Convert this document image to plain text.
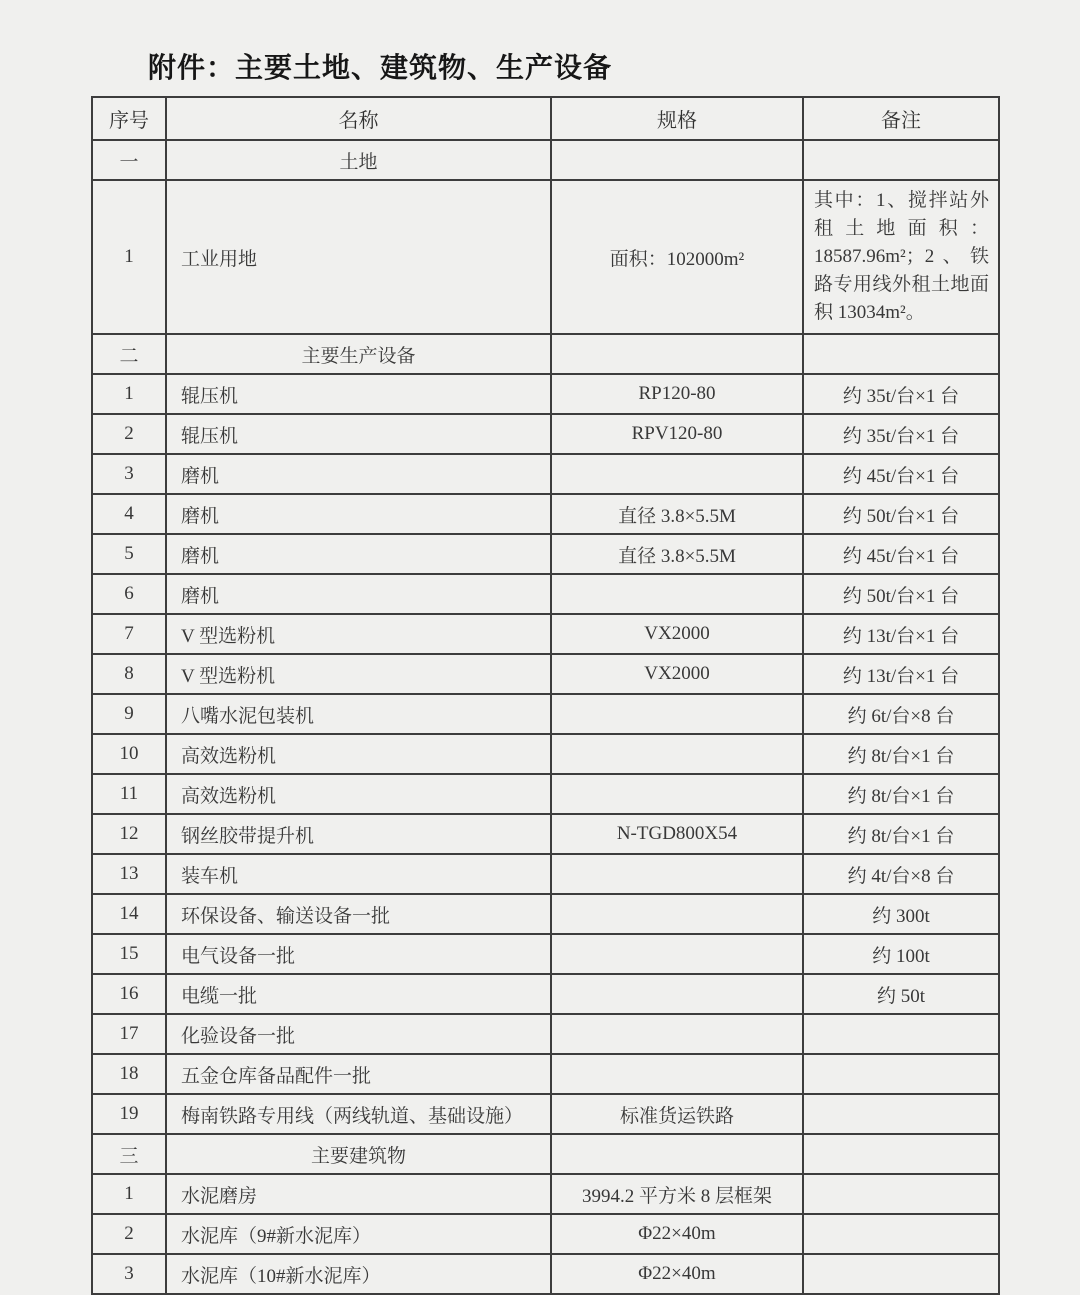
附件：主要土地、建筑物、生产设备
序号	名称	规格	备注
一	土地		
1	工业用地	面积：102000m²	其中：1、搅拌站外租土地面积：18587.96m²；2、铁路专用线外租土地面积 13034m²。
二	主要生产设备		
1	辊压机	RP120-80	约 35t/台×1 台
2	辊压机	RPV120-80	约 35t/台×1 台
3	磨机		约 45t/台×1 台
4	磨机	直径 3.8×5.5M	约 50t/台×1 台
5	磨机	直径 3.8×5.5M	约 45t/台×1 台
6	磨机		约 50t/台×1 台
7	V 型选粉机	VX2000	约 13t/台×1 台
8	V 型选粉机	VX2000	约 13t/台×1 台
9	八嘴水泥包装机		约 6t/台×8 台
10	高效选粉机		约 8t/台×1 台
11	高效选粉机		约 8t/台×1 台
12	钢丝胶带提升机	N-TGD800X54	约 8t/台×1 台
13	装车机		约 4t/台×8 台
14	环保设备、输送设备一批		约 300t
15	电气设备一批		约 100t
16	电缆一批		约 50t
17	化验设备一批		
18	五金仓库备品配件一批		
19	梅南铁路专用线（两线轨道、基础设施）	标准货运铁路	
三	主要建筑物		
1	水泥磨房	3994.2 平方米 8 层框架	
2	水泥库（9#新水泥库）	Φ22×40m	
3	水泥库（10#新水泥库）	Φ22×40m	
